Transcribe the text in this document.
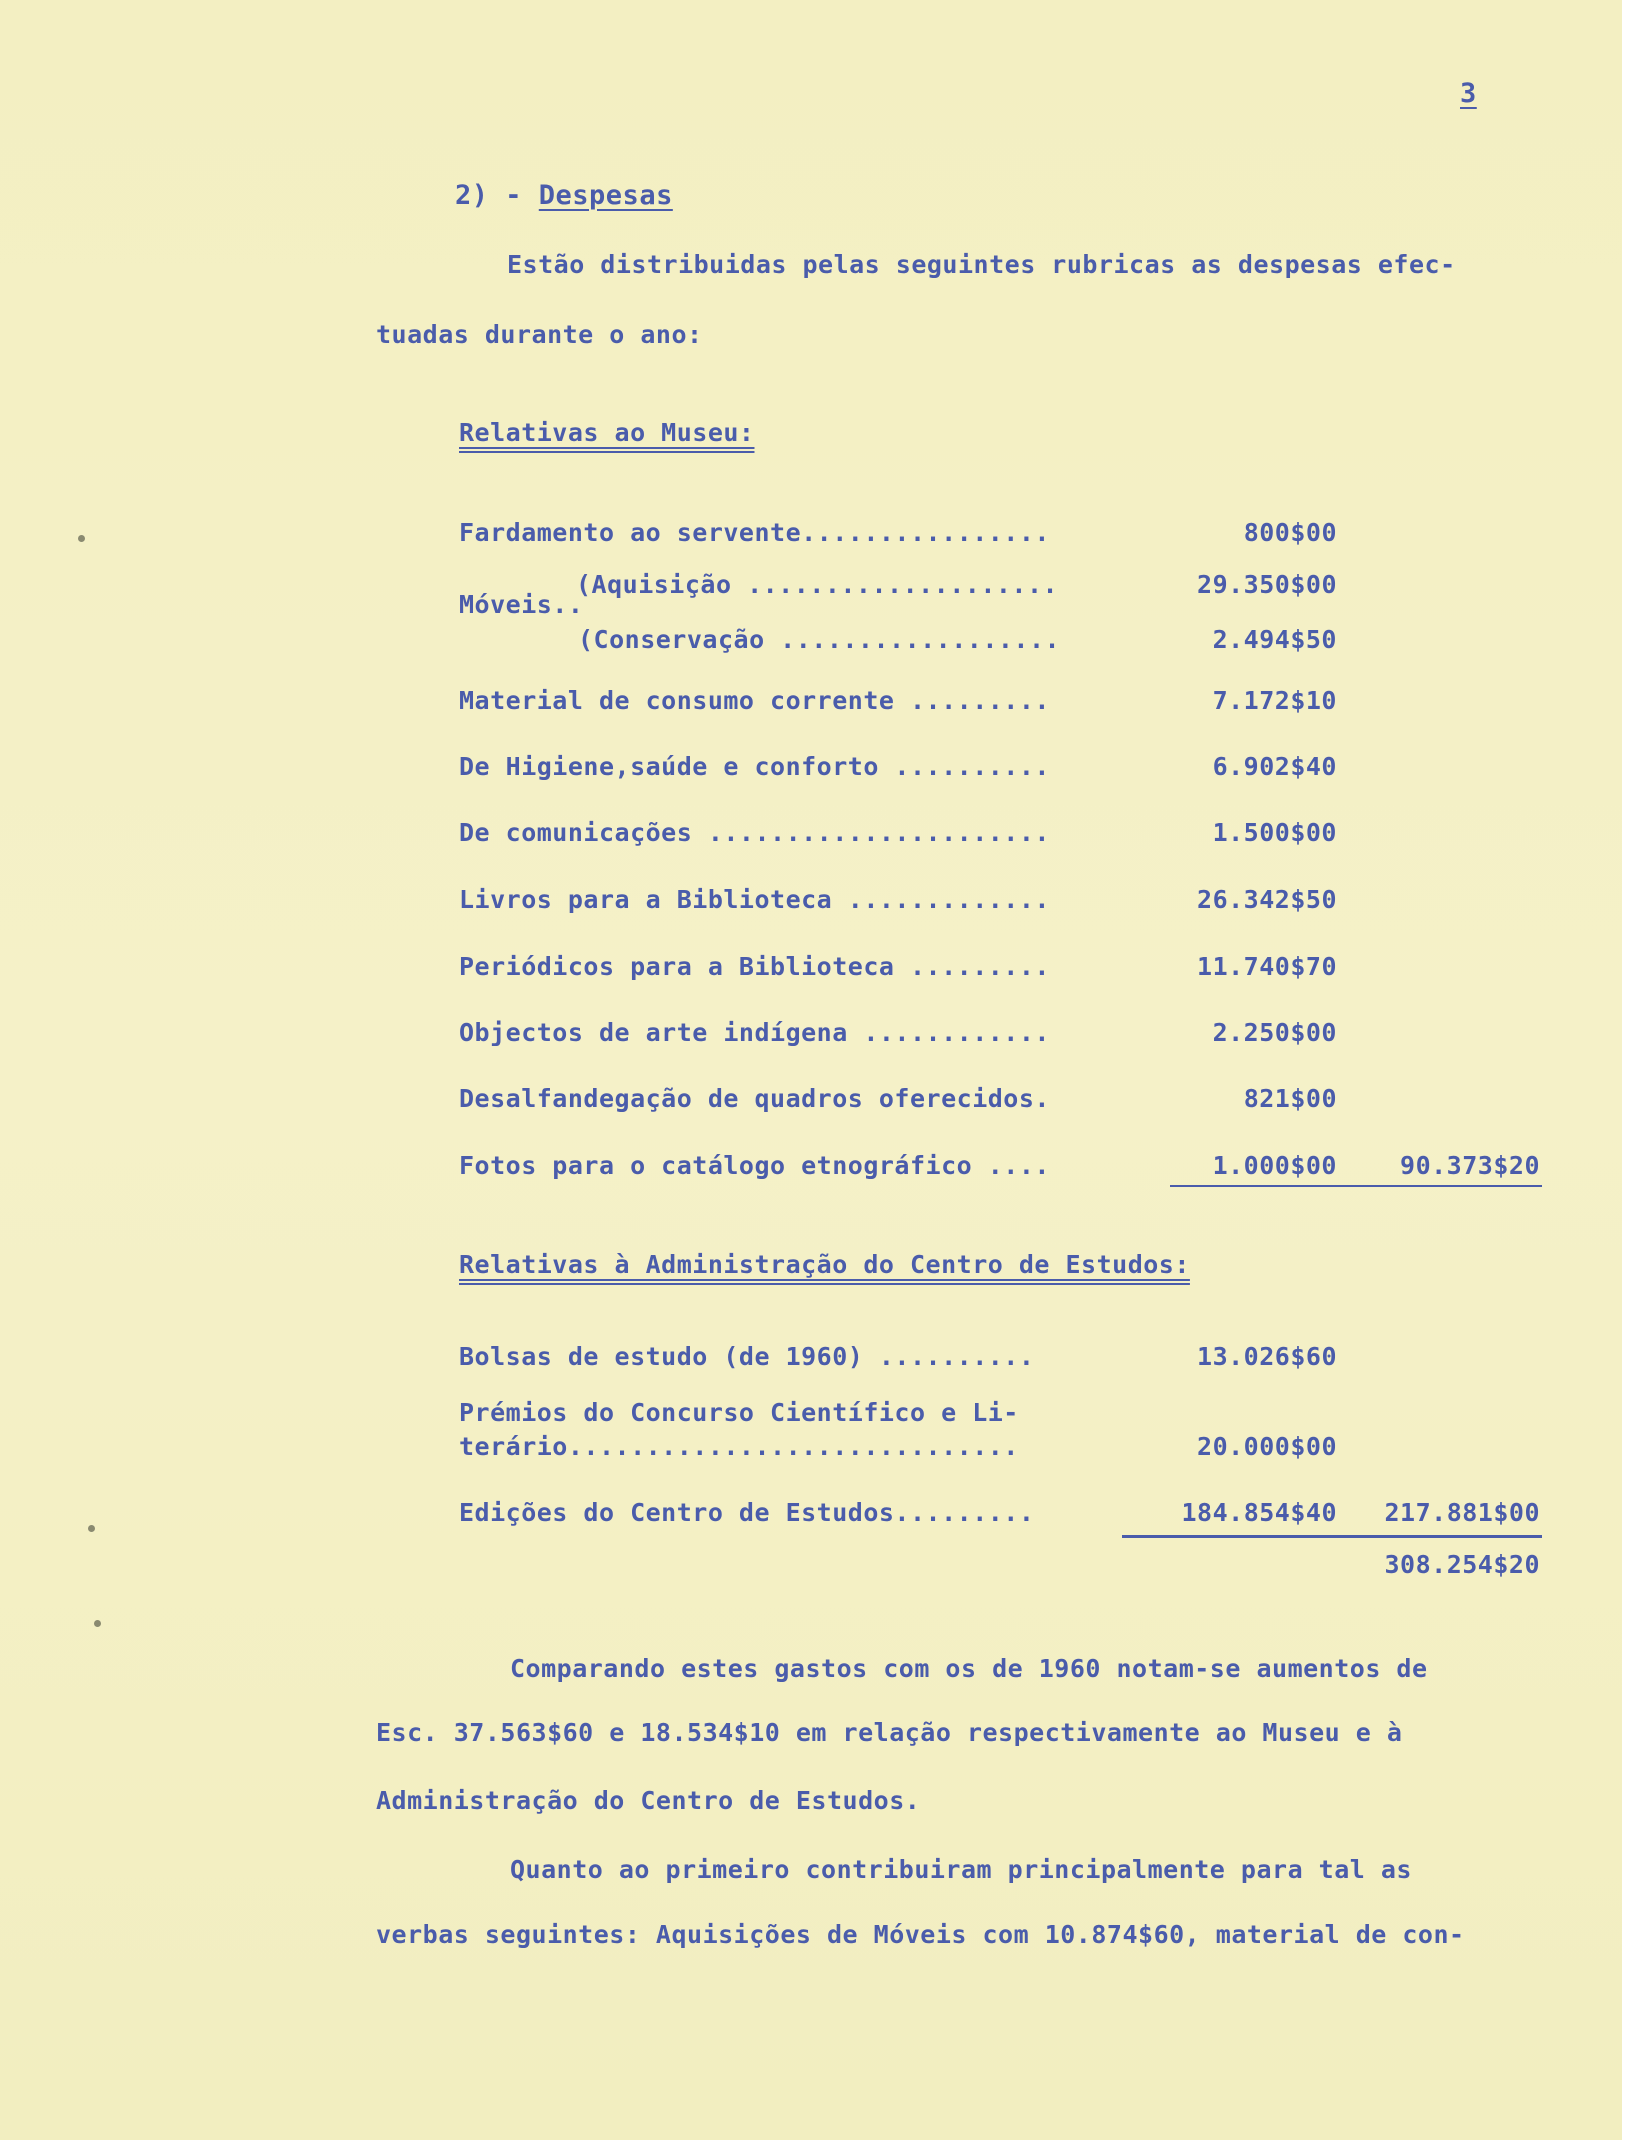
3
2) - Despesas
Estão distribuidas pelas seguintes rubricas as despesas efec-
tuadas durante o ano:
Relativas ao Museu:
Fardamento ao servente................	800$00
Móveis..
(Aquisição ....................	29.350$00
(Conservação ..................	2.494$50
Material de consumo corrente .........	7.172$10
De Higiene,saúde e conforto ..........	6.902$40
De comunicações ......................	1.500$00
Livros para a Biblioteca .............	26.342$50
Periódicos para a Biblioteca .........	11.740$70
Objectos de arte indígena ............	2.250$00
Desalfandegação de quadros oferecidos.	821$00
Fotos para o catálogo etnográfico ....	1.000$00	90.373$20
Relativas à Administração do Centro de Estudos:
Bolsas de estudo (de 1960) ..........	13.026$60
Prémios do Concurso Científico e Li-
terário.............................	20.000$00
Edições do Centro de Estudos.........	184.854$40	217.881$00
308.254$20
Comparando estes gastos com os de 1960 notam-se aumentos de
Esc. 37.563$60 e 18.534$10 em relação respectivamente ao Museu e à
Administração do Centro de Estudos.
Quanto ao primeiro contribuiram principalmente para tal as
verbas seguintes: Aquisições de Móveis com 10.874$60, material de con-
